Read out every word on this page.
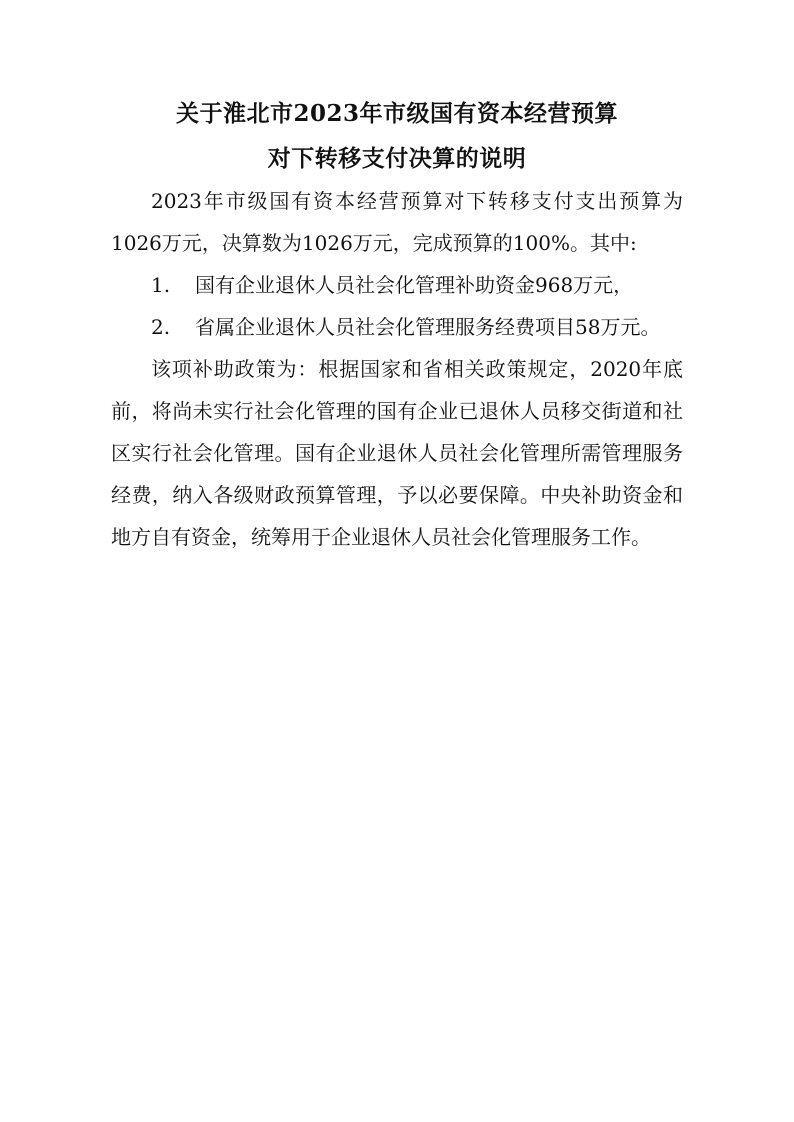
关于淮北市2023年市级国有资本经营预算
对下转移支付决算的说明

2023年市级国有资本经营预算对下转移支付支出预算为1026万元，决算数为1026万元，完成预算的100%。其中:

1. 国有企业退休人员社会化管理补助资金968万元，

2. 省属企业退休人员社会化管理服务经费项目58万元。

该项补助政策为：根据国家和省相关政策规定，2020年底前，将尚未实行社会化管理的国有企业已退休人员移交街道和社区实行社会化管理。国有企业退休人员社会化管理所需管理服务经费，纳入各级财政预算管理，予以必要保障。中央补助资金和地方自有资金，统筹用于企业退休人员社会化管理服务工作。
